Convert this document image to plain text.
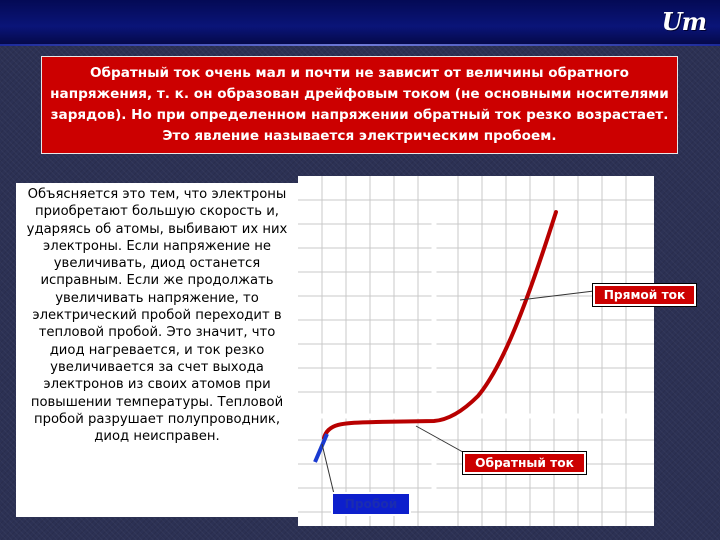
Um
Обратный ток очень мал и почти не зависит от величины обратного напряжения, т. к. он образован дрейфовым током (не основными носителями зарядов). Но при определенном напряжении обратный ток резко возрастает. Это явление называется электрическим пробоем.
Объясняется это тем, что электроны приобретают большую скорость и, ударяясь об атомы, выбивают их них электроны. Если напряжение не увеличивать, диод останется исправным. Если же продолжать увеличивать напряжение, то электрический пробой переходит в тепловой пробой. Это значит, что диод нагревается, и ток резко увеличивается за счет выхода электронов из своих атомов при повышении температуры. Тепловой пробой разрушает полупроводник, диод неисправен.
Прямой ток
Обратный ток
Пробой
